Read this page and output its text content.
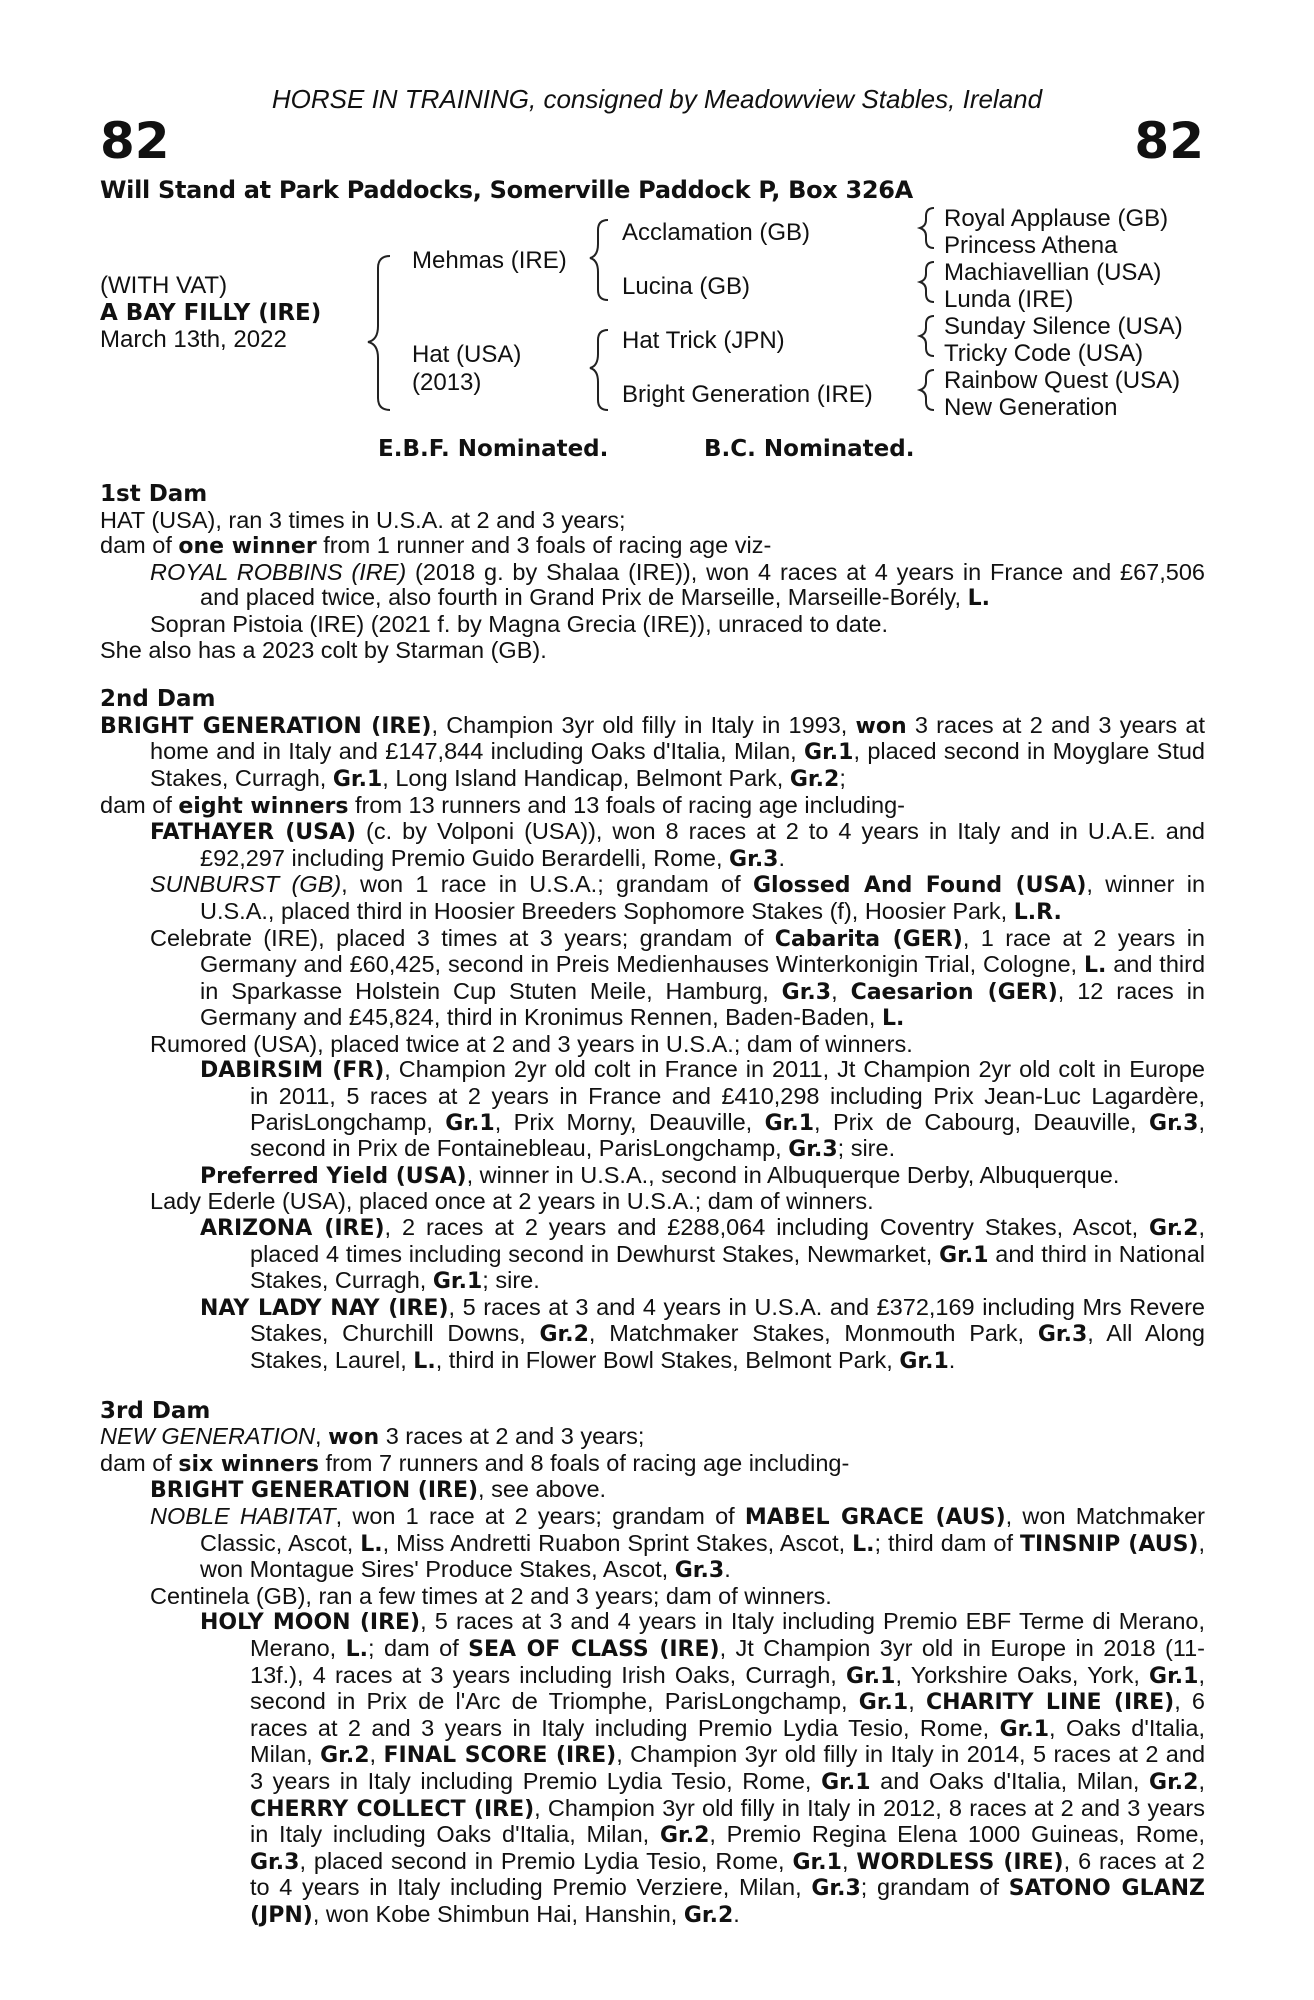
HORSE IN TRAINING, consigned by Meadowview Stables, Ireland
82	82
Will Stand at Park Paddocks, Somerville Paddock P, Box 326A
(WITH VAT)
A BAY FILLY (IRE)
March 13th, 2022
Mehmas (IRE)
Hat (USA)
(2013)
Acclamation (GB)
Lucina (GB)
Hat Trick (JPN)
Bright Generation (IRE)
Royal Applause (GB)
Princess Athena
Machiavellian (USA)
Lunda (IRE)
Sunday Silence (USA)
Tricky Code (USA)
Rainbow Quest (USA)
New Generation
E.B.F. Nominated.	B.C. Nominated.
1st Dam
HAT (USA), ran 3 times in U.S.A. at 2 and 3 years;
dam of one winner from 1 runner and 3 foals of racing age viz-
ROYAL ROBBINS (IRE) (2018 g. by Shalaa (IRE)), won 4 races at 4 years in France and £67,506 and placed twice, also fourth in Grand Prix de Marseille, Marseille-Borély, L.
Sopran Pistoia (IRE) (2021 f. by Magna Grecia (IRE)), unraced to date.
She also has a 2023 colt by Starman (GB).
2nd Dam
BRIGHT GENERATION (IRE), Champion 3yr old filly in Italy in 1993, won 3 races at 2 and 3 years at home and in Italy and £147,844 including Oaks d'Italia, Milan, Gr.1, placed second in Moyglare Stud Stakes, Curragh, Gr.1, Long Island Handicap, Belmont Park, Gr.2;
dam of eight winners from 13 runners and 13 foals of racing age including-
FATHAYER (USA) (c. by Volponi (USA)), won 8 races at 2 to 4 years in Italy and in U.A.E. and £92,297 including Premio Guido Berardelli, Rome, Gr.3.
SUNBURST (GB), won 1 race in U.S.A.; grandam of Glossed And Found (USA), winner in U.S.A., placed third in Hoosier Breeders Sophomore Stakes (f), Hoosier Park, L.R.
Celebrate (IRE), placed 3 times at 3 years; grandam of Cabarita (GER), 1 race at 2 years in Germany and £60,425, second in Preis Medienhauses Winterkonigin Trial, Cologne, L. and third in Sparkasse Holstein Cup Stuten Meile, Hamburg, Gr.3, Caesarion (GER), 12 races in Germany and £45,824, third in Kronimus Rennen, Baden-Baden, L.
Rumored (USA), placed twice at 2 and 3 years in U.S.A.; dam of winners.
DABIRSIM (FR), Champion 2yr old colt in France in 2011, Jt Champion 2yr old colt in Europe in 2011, 5 races at 2 years in France and £410,298 including Prix Jean-Luc Lagardère, ParisLongchamp, Gr.1, Prix Morny, Deauville, Gr.1, Prix de Cabourg, Deauville, Gr.3, second in Prix de Fontainebleau, ParisLongchamp, Gr.3; sire.
Preferred Yield (USA), winner in U.S.A., second in Albuquerque Derby, Albuquerque.
Lady Ederle (USA), placed once at 2 years in U.S.A.; dam of winners.
ARIZONA (IRE), 2 races at 2 years and £288,064 including Coventry Stakes, Ascot, Gr.2, placed 4 times including second in Dewhurst Stakes, Newmarket, Gr.1 and third in National Stakes, Curragh, Gr.1; sire.
NAY LADY NAY (IRE), 5 races at 3 and 4 years in U.S.A. and £372,169 including Mrs Revere Stakes, Churchill Downs, Gr.2, Matchmaker Stakes, Monmouth Park, Gr.3, All Along Stakes, Laurel, L., third in Flower Bowl Stakes, Belmont Park, Gr.1.
3rd Dam
NEW GENERATION, won 3 races at 2 and 3 years;
dam of six winners from 7 runners and 8 foals of racing age including-
BRIGHT GENERATION (IRE), see above.
NOBLE HABITAT, won 1 race at 2 years; grandam of MABEL GRACE (AUS), won Matchmaker Classic, Ascot, L., Miss Andretti Ruabon Sprint Stakes, Ascot, L.; third dam of TINSNIP (AUS), won Montague Sires' Produce Stakes, Ascot, Gr.3.
Centinela (GB), ran a few times at 2 and 3 years; dam of winners.
HOLY MOON (IRE), 5 races at 3 and 4 years in Italy including Premio EBF Terme di Merano, Merano, L.; dam of SEA OF CLASS (IRE), Jt Champion 3yr old in Europe in 2018 (11-13f.), 4 races at 3 years including Irish Oaks, Curragh, Gr.1, Yorkshire Oaks, York, Gr.1, second in Prix de l'Arc de Triomphe, ParisLongchamp, Gr.1, CHARITY LINE (IRE), 6 races at 2 and 3 years in Italy including Premio Lydia Tesio, Rome, Gr.1, Oaks d'Italia, Milan, Gr.2, FINAL SCORE (IRE), Champion 3yr old filly in Italy in 2014, 5 races at 2 and 3 years in Italy including Premio Lydia Tesio, Rome, Gr.1 and Oaks d'Italia, Milan, Gr.2, CHERRY COLLECT (IRE), Champion 3yr old filly in Italy in 2012, 8 races at 2 and 3 years in Italy including Oaks d'Italia, Milan, Gr.2, Premio Regina Elena 1000 Guineas, Rome, Gr.3, placed second in Premio Lydia Tesio, Rome, Gr.1, WORDLESS (IRE), 6 races at 2 to 4 years in Italy including Premio Verziere, Milan, Gr.3; grandam of SATONO GLANZ (JPN), won Kobe Shimbun Hai, Hanshin, Gr.2.
